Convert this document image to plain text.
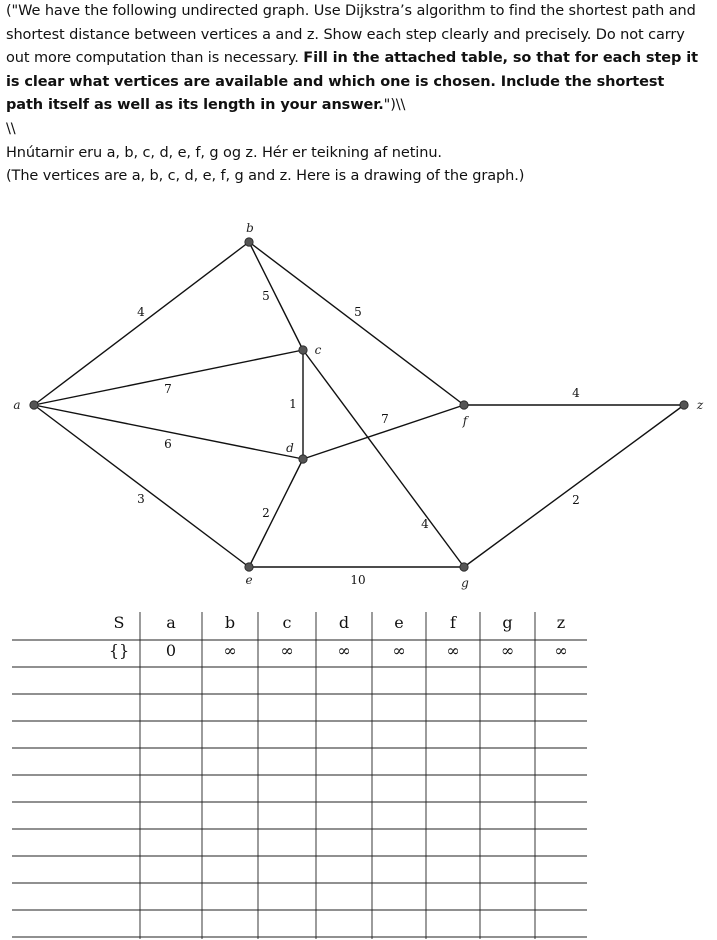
("We have the following undirected graph. Use Dijkstra’s algorithm to find the shortest path and shortest distance between vertices a and z. Show each step clearly and precisely. Do not carry out more computation than is necessary. Fill in the attached table, so that for each step it is clear what vertices are available and which one is chosen. Include the shortest path itself as well as its length in your answer.")\\

\\

Hnútarnir eru a, b, c, d, e, f, g og z. Hér er teikning af netinu.

(The vertices are a, b, c, d, e, f, g and z. Here is a drawing of the graph.)

4
7
6
3
5
5
1
4
7
2
10
4
2
a
b
c
d
e
f
g
z
S	a	b	c	d	e	f	g	z
{} 0	∞	∞	∞	∞	∞	∞	∞
